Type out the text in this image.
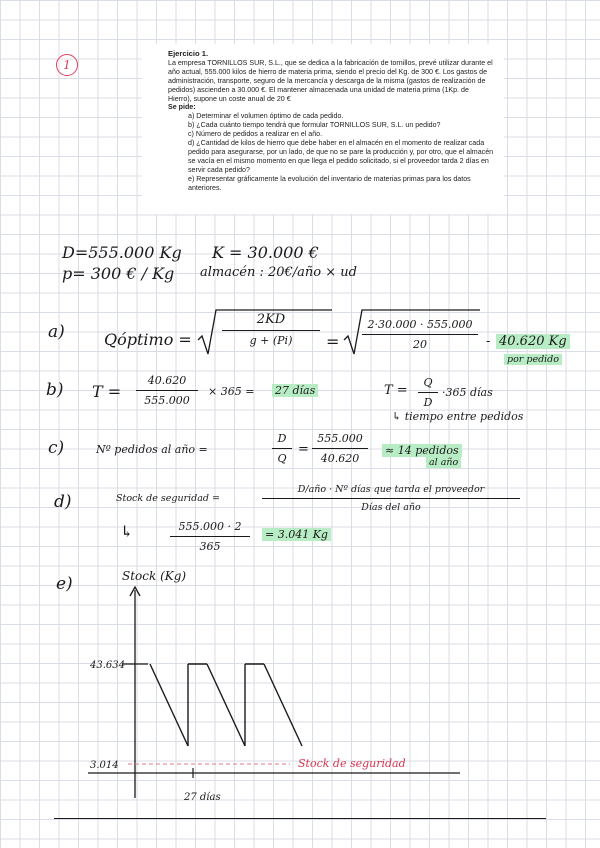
1
Ejercicio 1.
La empresa TORNILLOS SUR, S.L., que se dedica a la fabricación de tornillos, prevé utilizar durante el año actual, 555.000 kilos de hierro de materia prima, siendo el precio del Kg. de 300 €. Los gastos de administración, transporte, seguro de la mercancía y descarga de la misma (gastos de realización de pedidos) ascienden a 30.000 €. El mantener almacenada una unidad de materia prima (1Kp. de Hierro), supone un coste anual de 20 €
Se pide:
a) Determinar el volumen óptimo de cada pedido.
b) ¿Cada cuánto tiempo tendrá que formular TORNILLOS SUR, S.L. un pedido?
c) Número de pedidos a realizar en el año.
d) ¿Cantidad de kilos de hierro que debe haber en el almacén en el momento de realizar cada pedido para asegurarse, por un lado, de que no se pare la producción y, por otro, que el almacén se vacía en el mismo momento en que llega el pedido solicitado, si el proveedor tarda 2 días en servir cada pedido?
e) Representar gráficamente la evolución del inventario de materias primas para los datos anteriores.
D=555.000 Kg
p= 300 € / Kg
K = 30.000 €
almacén : 20€/año × ud
a) Qóptimo =
2KD
g + (Pi) =
2·30.000 · 555.000
20	- 40.620 Kg
por pedido
b) T =
40.620
555.000
× 365 = 27 días	T =
Q
D
·365 días
↳ tiempo entre pedidos
c)	Nº pedidos al año =
D
Q
=
555.000
40.620
≈ 14 pedidos
al año
d)	Stock de seguridad =
D/año · Nº días que tarda el proveedor
Días del año
↳	555.000 · 2
365
= 3.041 Kg
e)	Stock (Kg)
43.634
3.014	Stock de seguridad
27 días
